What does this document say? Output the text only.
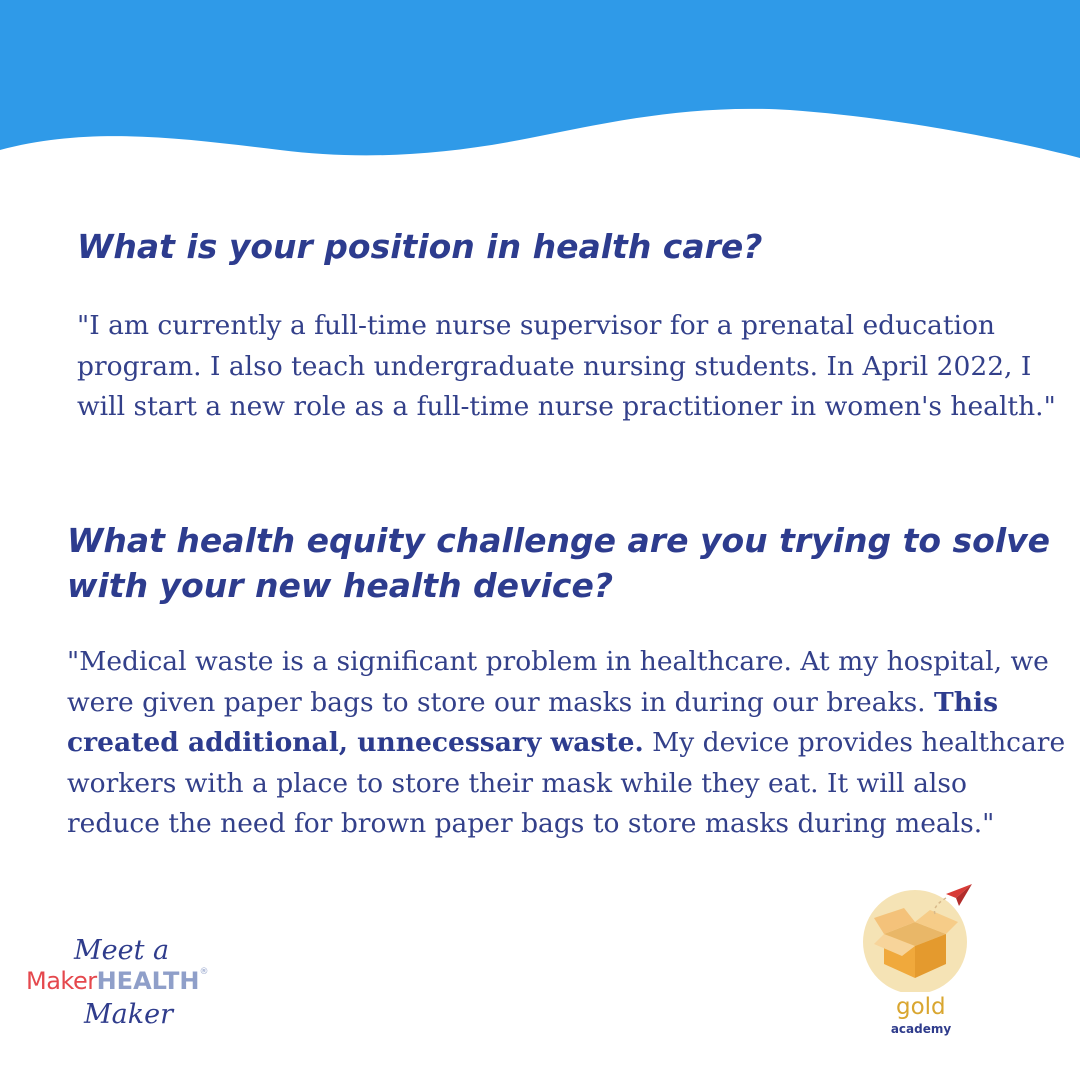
What is your position in health care?

"I am currently a full-time nurse supervisor for a prenatal education program. I also teach undergraduate nursing students. In April 2022, I will start a new role as a full-time nurse practitioner in women's health."

What health equity challenge are you trying to solve with your new health device?

"Medical waste is a significant problem in healthcare. At my hospital, we were given paper bags to store our masks in during our breaks. This created additional, unnecessary waste. My device provides healthcare workers with a place to store their mask while they eat. It will also reduce the need for brown paper bags to store masks during meals."

Meet a
MakerHEALTH®
Maker	gold
academy
